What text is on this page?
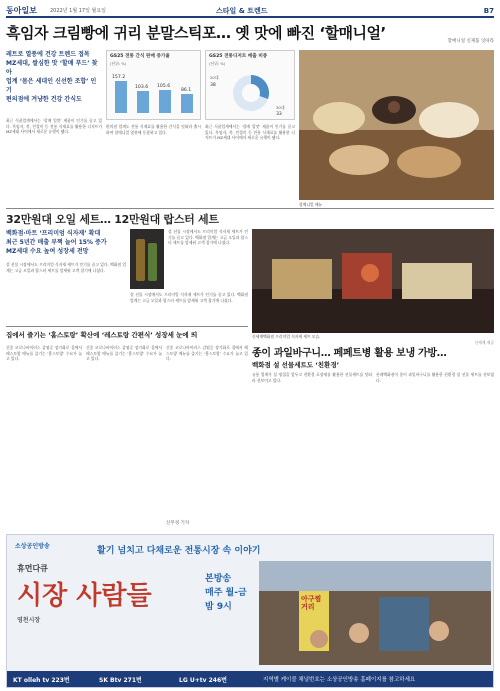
동아일보	2022년 1월 17일 월요일	스타일 & 트렌드	B7
흑임자 크림빵에 귀리 분말스틱포… 옛 맛에 빠진 ‘할매니얼’	할매니얼 신제품 잇따라
레트로 열풍에 건강 트렌드 접목
MZ세대, 쌀심한 맛 ‘할매 푸드’ 찾아
업계 ‘몸은 세대인 신선한 조합’ 인기
편의점에 겨냥한 건강 간식도
GS25 전통 간식 판매 증가율
(단위: %)
157.2
103.6 105.6
86.1
GS25 전통디저트 매출 비중
(단위: %)
20대
38
30대
33
최근 식품업계에서는 ‘할매 입맛’ 제품이 인기를 끌고 있다. 흑임자, 쑥, 인절미 등 전통 식재료를 활용한 디저트가 MZ세대 사이에서 새로운 유행이 됐다.
편의점 업계도 전통 식재료를 활용한 간식을 잇따라 출시하며 할매니얼 열풍에 동참하고 있다.
최근 식품업계에서는 ‘할매 입맛’ 제품이 인기를 끌고 있다. 흑임자, 쑥, 인절미 등 전통 식재료를 활용한 디저트가 MZ세대 사이에서 새로운 유행이 됐다.
할매니얼 메뉴
32만원대 오일 세트… 12만원대 랍스터 세트
백화점·마트 ‘프리미엄 식자재’ 확대
최근 5년간 매출 부쩍 늘어 15% 증가
MZ세대 수요 높여 성장세 전망
설 선물 시장에서도 프리미엄 식자재 세트가 인기를 끌고 있다. 백화점 업계는 고급 오일과 랍스터 세트를 앞세워 고객 잡기에 나섰다.
설 선물 시장에서도 프리미엄 식자재 세트가 인기를 끌고 있다. 백화점 업계는 고급 오일과 랍스터 세트를 앞세워 고객 잡기에 나섰다.
설 선물 시장에서도 프리미엄 식자재 세트가 인기를 끌고 있다. 백화점 업계는 고급 오일과 랍스터 세트를 앞세워 고객 잡기에 나섰다.
신세계백화점 프리미엄 식자재 세트 모습.
신세계 제공
집에서 즐기는 ‘홈스토랑’ 확산에 ‘레스토랑 간편식’ 성장세 눈에 띄
신종 코로나바이러스 감염증 장기화로 집에서 레스토랑 메뉴를 즐기는 ‘홈스토랑’ 수요가 늘고 있다.
신종 코로나바이러스 감염증 장기화로 집에서 레스토랑 메뉴를 즐기는 ‘홈스토랑’ 수요가 늘고 있다.
신종 코로나바이러스 감염증 장기화로 집에서 레스토랑 메뉴를 즐기는 ‘홈스토랑’ 수요가 늘고 있다.
신무경 기자
종이 과일바구니… 페페트병 활용 보냉 가방…
백화점 설 선물세트도 ‘친환경’
유통 업계가 설 명절을 앞두고 친환경 포장재를 활용한 선물세트를 잇따라 선보이고 있다.
롯데백화점이 종이 과일바구니를 활용한 친환경 설 선물 세트를 선보였다.
소상공인방송	활기 넘치고 다채로운 전통시장 속 이야기
휴먼다큐
시장 사람들
영천시장
본방송
매주 월-금
밤 9시
아구찜 거리
KT olleh tv 223번	SK Btv 271번	LG U+tv 246번	지역별 케이블 채널번호는 소상공인방송 홈페이지를 참고하세요
